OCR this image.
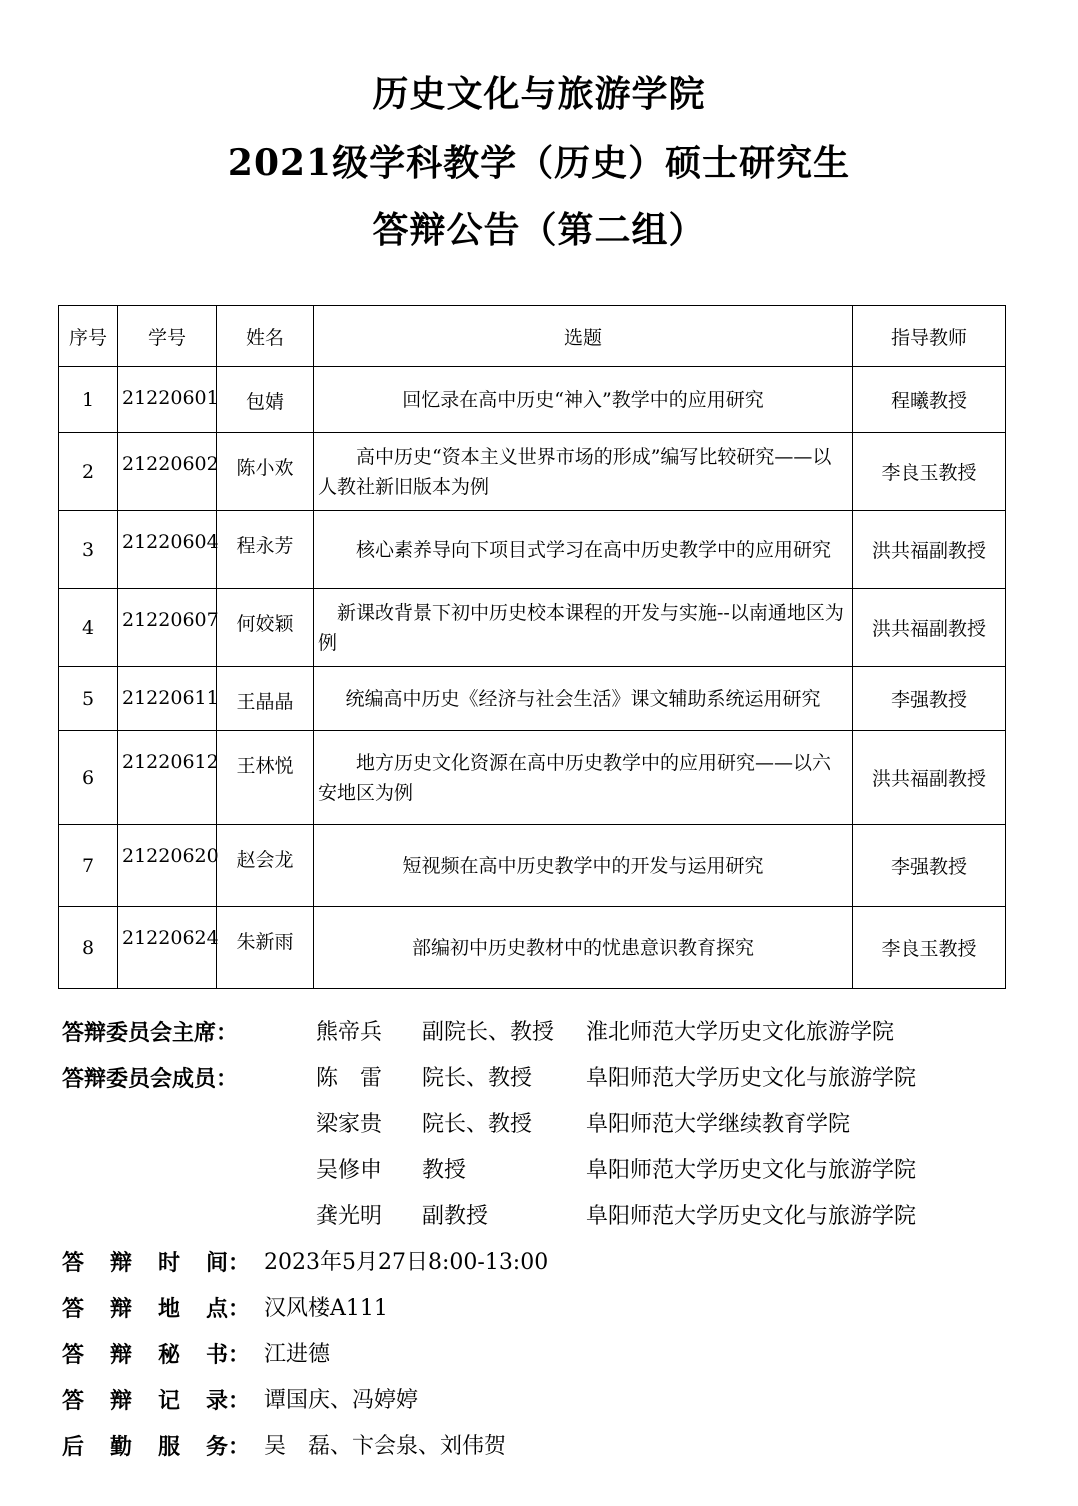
历史文化与旅游学院
2021级学科教学（历史）硕士研究生
答辩公告（第二组）
序号	学号	姓名	选题	指导教师
1	21220601	包婧	回忆录在高中历史“神入”教学中的应用研究	程曦教授
2	21220602	陈小欢	高中历史“资本主义世界市场的形成”编写比较研究——以人教社新旧版本为例	李良玉教授
3	21220604	程永芳	核心素养导向下项目式学习在高中历史教学中的应用研究	洪共福副教授
4	21220607	何姣颖	新课改背景下初中历史校本课程的开发与实施--以南通地区为例	洪共福副教授
5	21220611	王晶晶	统编高中历史《经济与社会生活》课文辅助系统运用研究	李强教授
6	21220612	王林悦	地方历史文化资源在高中历史教学中的应用研究——以六安地区为例	洪共福副教授
7	21220620	赵会龙	短视频在高中历史教学中的开发与运用研究	李强教授
8	21220624	朱新雨	部编初中历史教材中的忧患意识教育探究	李良玉教授
答辩委员会主席：	熊帝兵 副院长、教授 淮北师范大学历史文化旅游学院
答辩委员会成员：	陈　雷 院长、教授 阜阳师范大学历史文化与旅游学院
梁家贵 院长、教授 阜阳师范大学继续教育学院
吴修申 教授	阜阳师范大学历史文化与旅游学院
龚光明 副教授	阜阳师范大学历史文化与旅游学院
答 辩 时 间 ： 2023年5月27日8:00-13:00
答 辩 地 点 ： 汉风楼A111
答 辩 秘 书 ： 江进德
答 辩 记 录 ： 谭国庆、冯婷婷
后 勤 服 务 ： 吴　磊、卞会泉、刘伟贺
